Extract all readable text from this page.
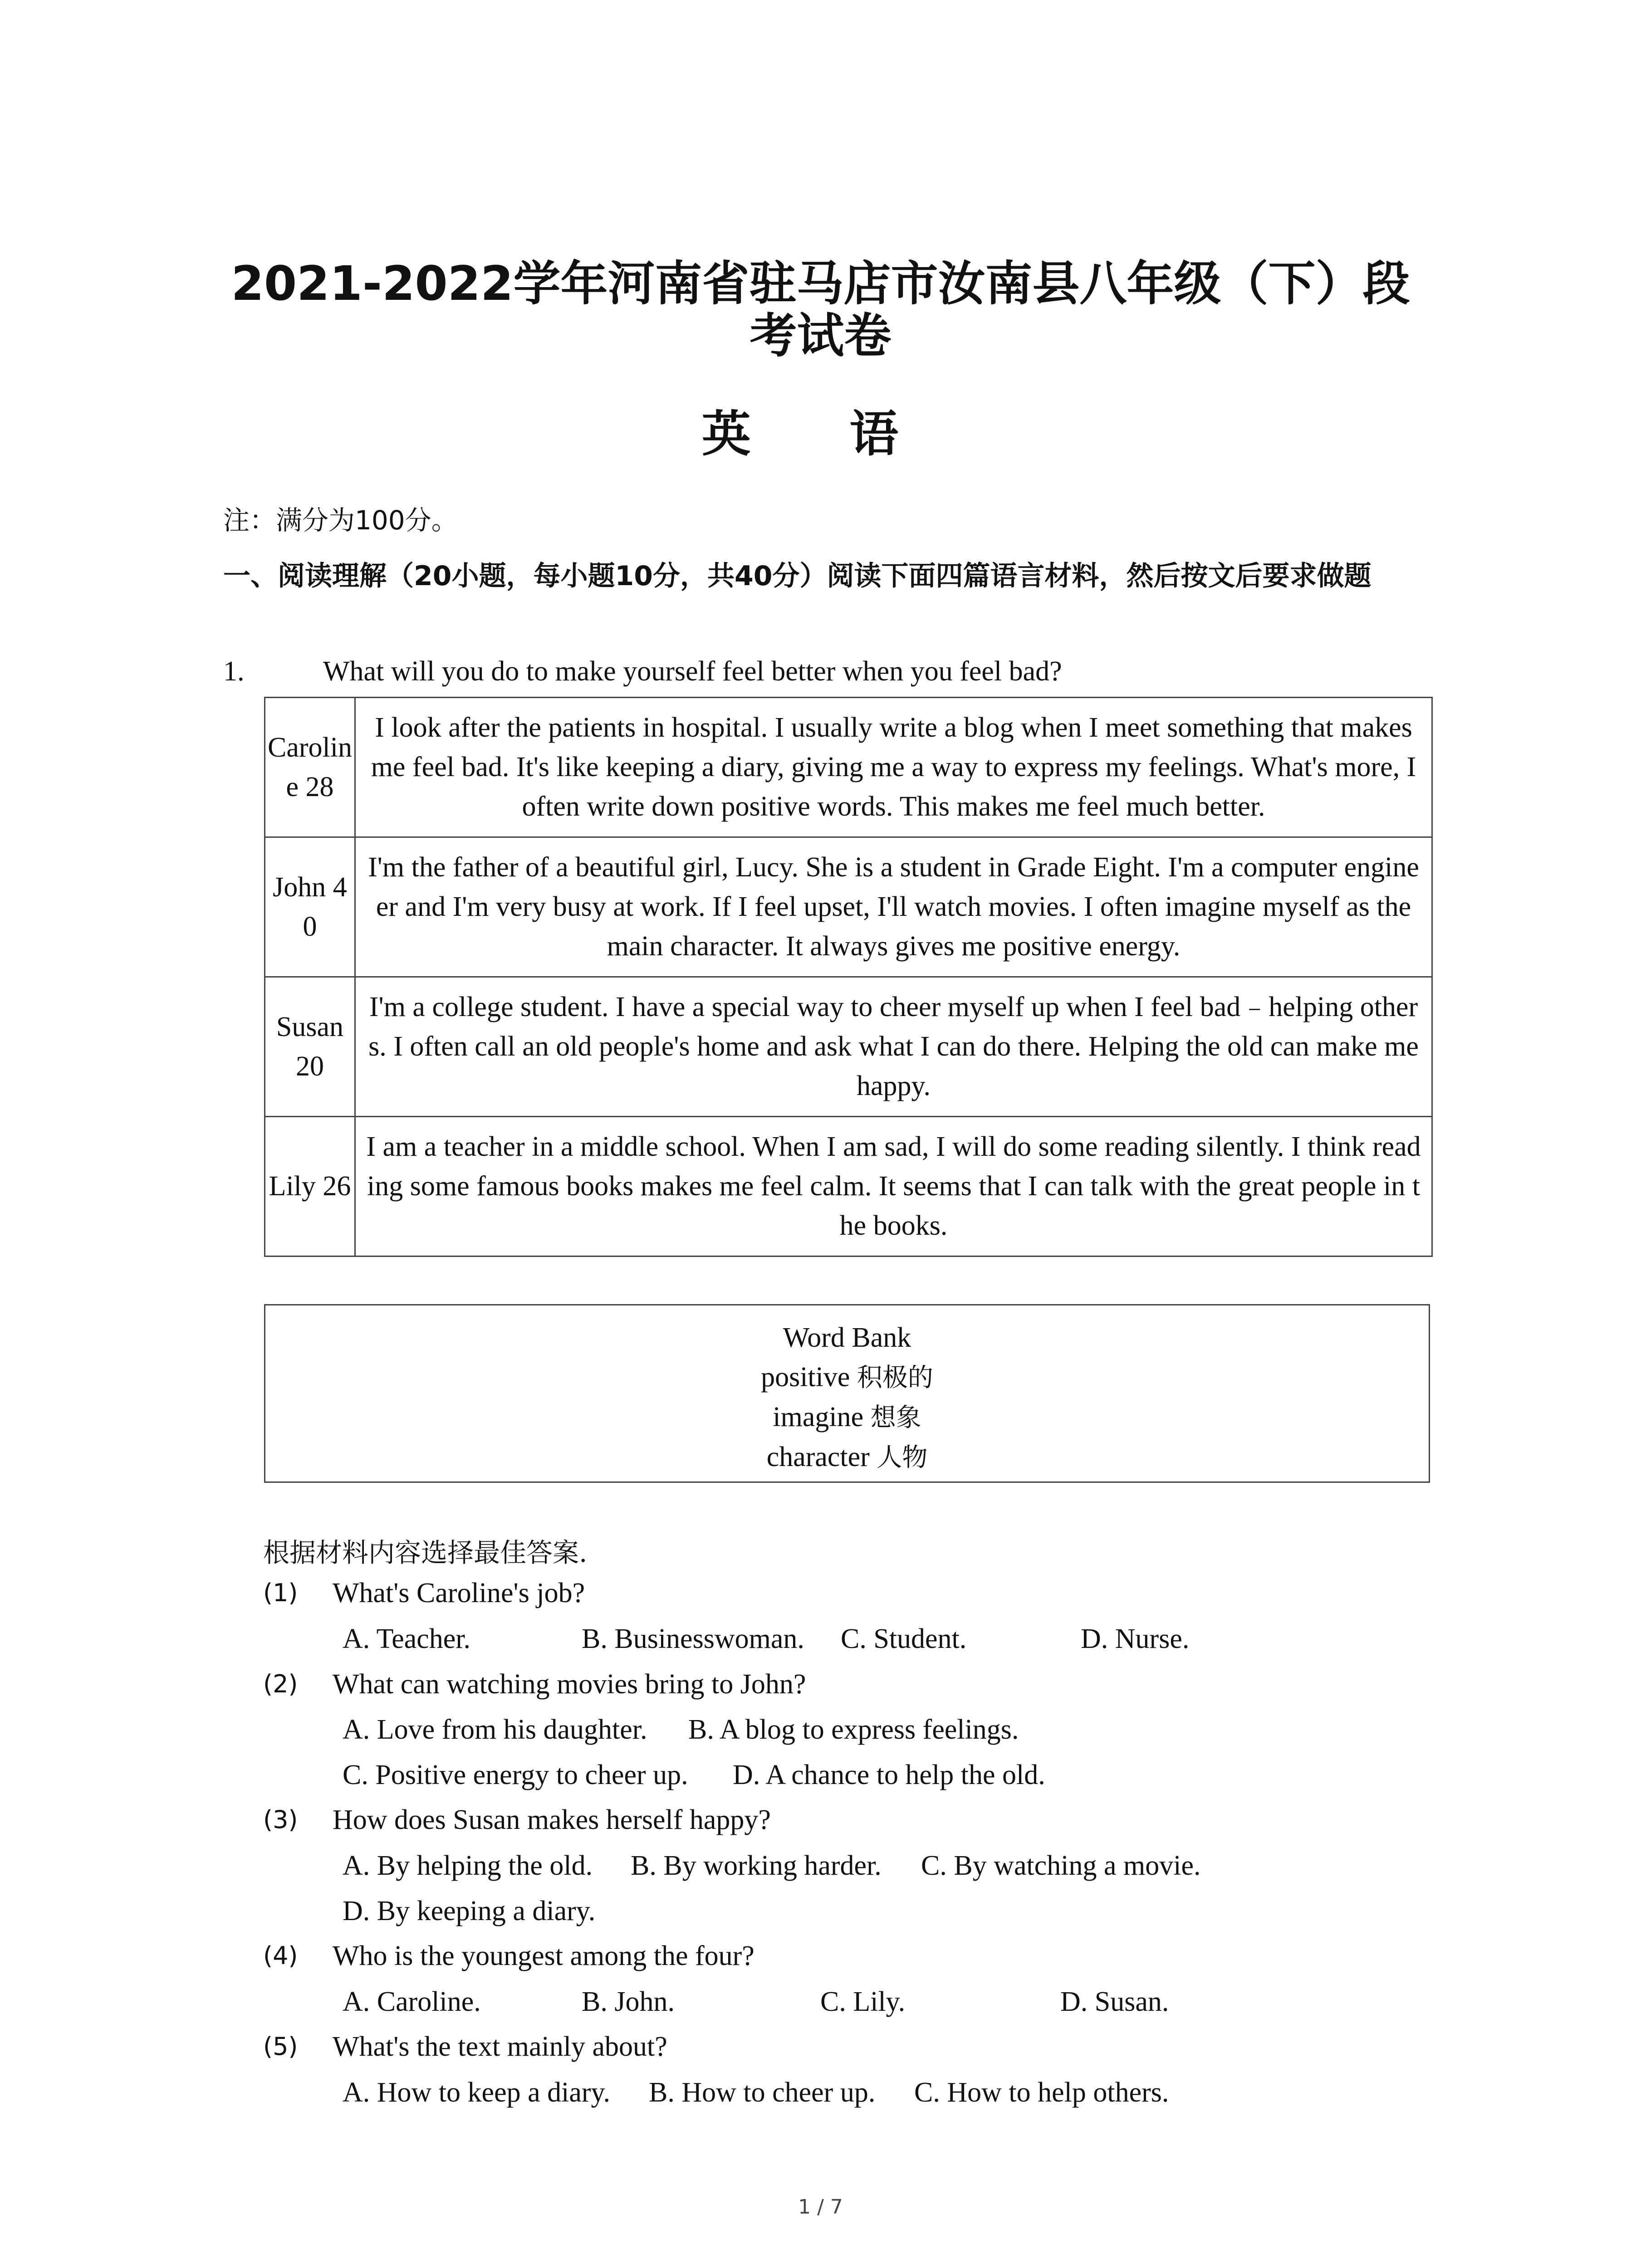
2021-2022学年河南省驻马店市汝南县八年级（下）段
考试卷
英 语
注：满分为100分。
一、阅读理解（20小题，每小题10分，共40分）阅读下面四篇语言材料，然后按文后要求做题
1.	What will you do to make yourself feel better when you feel bad?
Caroline 28	I look after the patients in hospital. I usually write a blog when I meet something that makes me feel bad. It's like keeping a diary, giving me a way to express my feelings. What's more, I often write down positive words. This makes me feel much better.
John 40	I'm the father of a beautiful girl, Lucy. She is a student in Grade Eight. I'm a computer engineer and I'm very busy at work. If I feel upset, I'll watch movies. I often imagine myself as the main character. It always gives me positive energy.
Susan 20	I'm a college student. I have a special way to cheer myself up when I feel bad﹣helping others. I often call an old people's home and ask what I can do there. Helping the old can make me happy.
Lily 26	I am a teacher in a middle school. When I am sad, I will do some reading silently. I think reading some famous books makes me feel calm. It seems that I can talk with the great people in the books.
Word Bank
positive 积极的
imagine 想象
character 人物
根据材料内容选择最佳答案.
(1) What's Caroline's job?
A. Teacher.	B. Businesswoman. C. Student.	D. Nurse.
(2) What can watching movies bring to John?
A. Love from his daughter. B. A blog to express feelings.
C. Positive energy to cheer up. D. A chance to help the old.
(3) How does Susan makes herself happy?
A. By helping the old. B. By working harder. C. By watching a movie.
D. By keeping a diary.
(4) Who is the youngest among the four?
A. Caroline.	B. John.	C. Lily.	D. Susan.
(5) What's the text mainly about?
A. How to keep a diary. B. How to cheer up. C. How to help others.
1 / 7
